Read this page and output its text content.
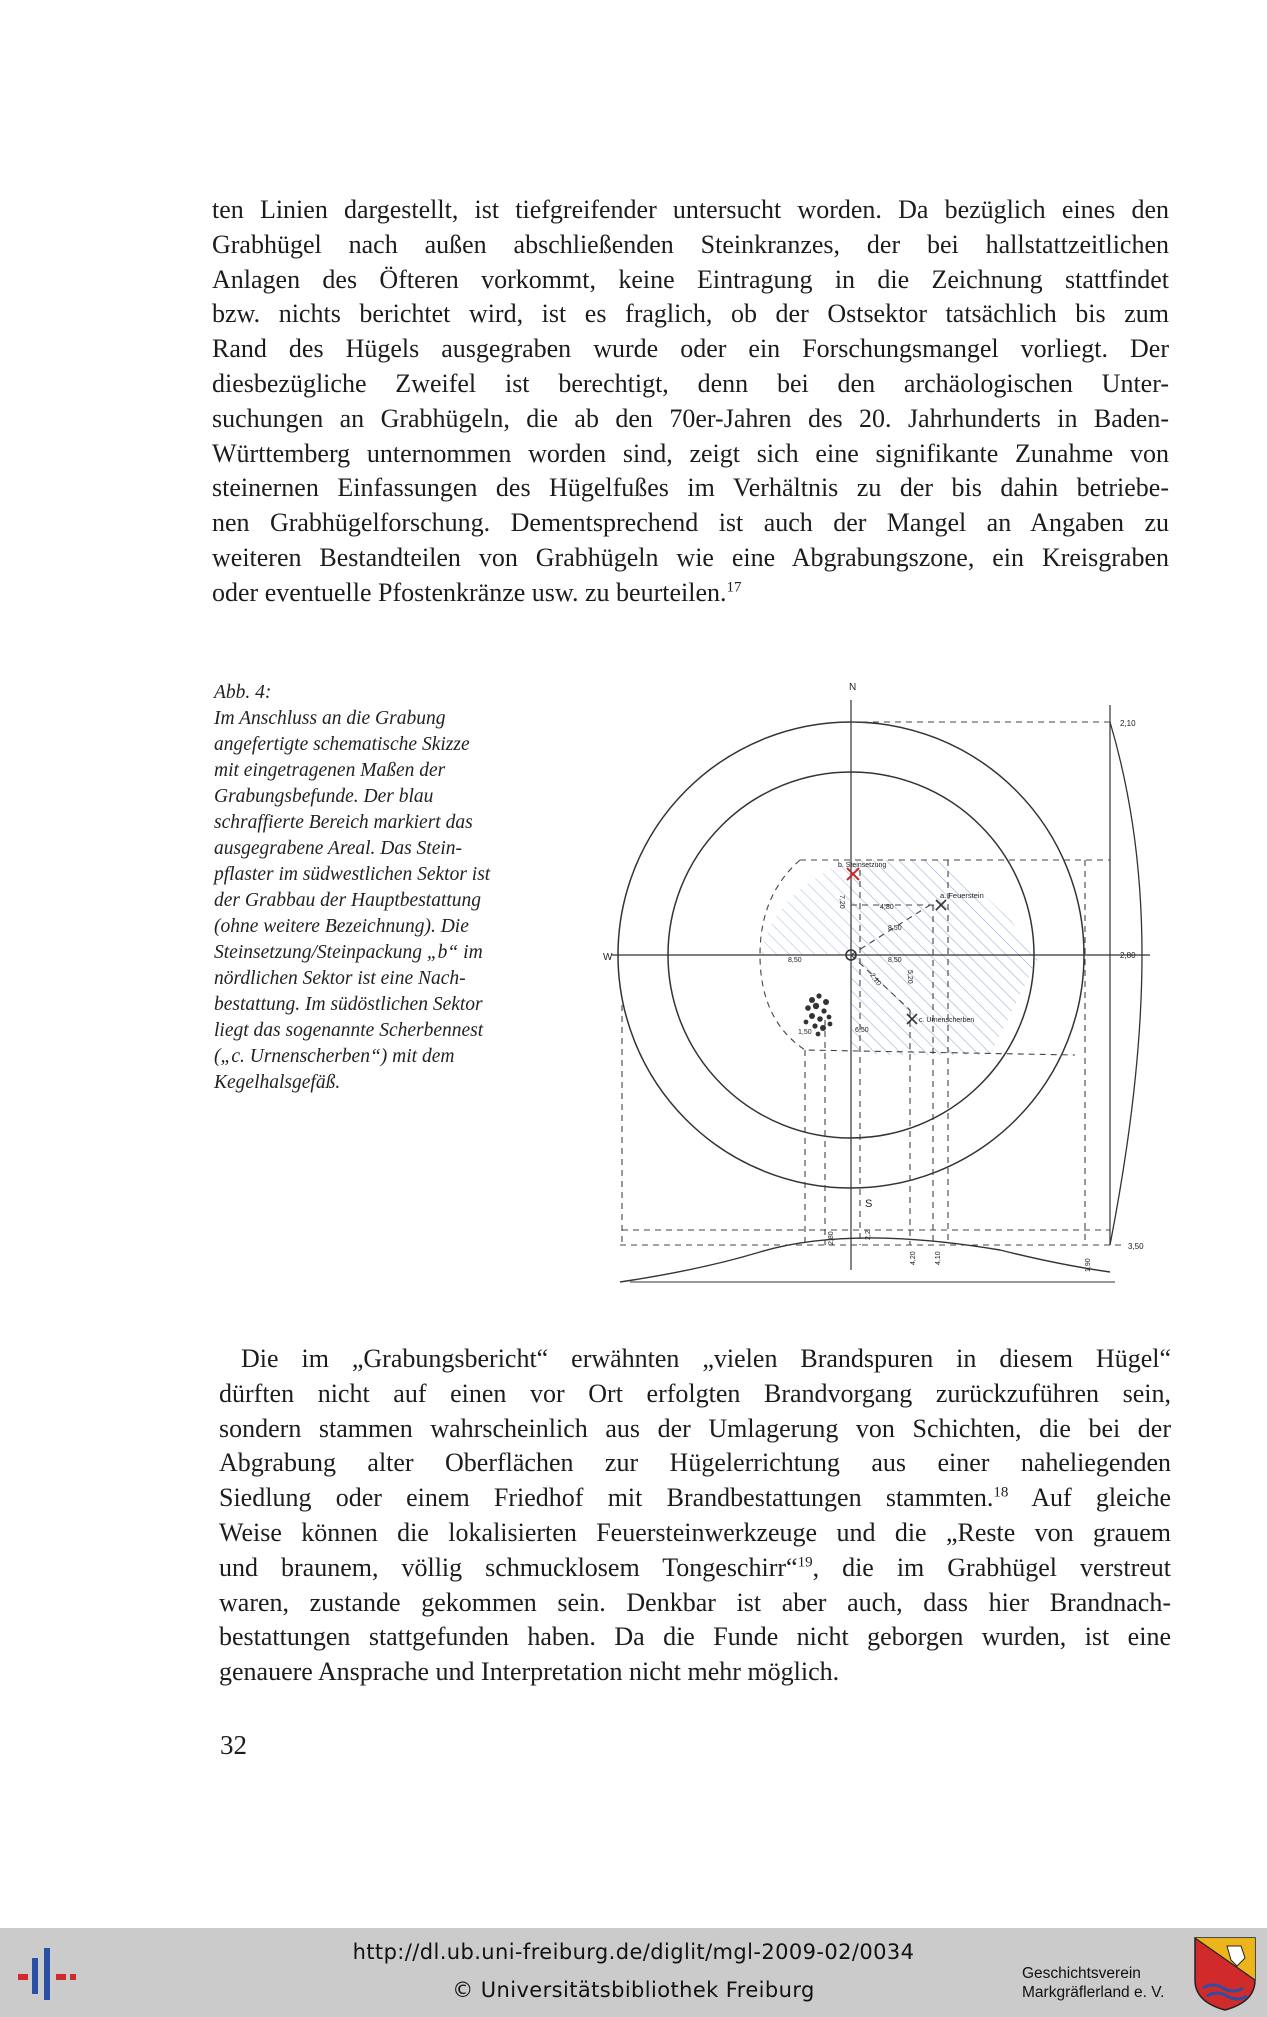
ten Linien dargestellt, ist tiefgreifender untersucht worden. Da bezüglich eines den
Grabhügel nach außen abschließenden Steinkranzes, der bei hallstattzeitlichen
Anlagen des Öfteren vorkommt, keine Eintragung in die Zeichnung stattfindet
bzw. nichts berichtet wird, ist es fraglich, ob der Ostsektor tatsächlich bis zum
Rand des Hügels ausgegraben wurde oder ein Forschungsmangel vorliegt. Der
diesbezügliche Zweifel ist berechtigt, denn bei den archäologischen Unter-
suchungen an Grabhügeln, die ab den 70er-Jahren des 20. Jahrhunderts in Baden-
Württemberg unternommen worden sind, zeigt sich eine signifikante Zunahme von
steinernen Einfassungen des Hügelfußes im Verhältnis zu der bis dahin betriebe-
nen Grabhügelforschung. Dementsprechend ist auch der Mangel an Angaben zu
weiteren Bestandteilen von Grabhügeln wie eine Abgrabungszone, ein Kreisgraben
oder eventuelle Pfostenkränze usw. zu beurteilen.$^{17}$
Abb. 4:
Im Anschluss an die Grabung
angefertigte schematische Skizze
mit eingetragenen Maßen der
Grabungsbefunde. Der blau
schraffierte Bereich markiert das
ausgegrabene Areal. Das Stein-
pflaster im südwestlichen Sektor ist
der Grabbau der Hauptbestattung
(ohne weitere Bezeichnung). Die
Steinsetzung/Steinpackung „b“ im
nördlichen Sektor ist eine Nach-
bestattung. Im südöstlichen Sektor
liegt das sogenannte Scherbennest
(„c. Urnenscherben“) mit dem
Kegelhalsgefäß.
N
S
W
b. Steinsetzung
a. Feuerstein
c. Urnenscherben
2,10
2,80
3,50
4,80
8,50
8,50	8,50
7,20
5,20
2,10
6,50
1,50
2,80	2,2
4,20	4,10
1,90
Die im „Grabungsbericht“ erwähnten „vielen Brandspuren in diesem Hügel“
dürften nicht auf einen vor Ort erfolgten Brandvorgang zurückzuführen sein,
sondern stammen wahrscheinlich aus der Umlagerung von Schichten, die bei der
Abgrabung alter Oberflächen zur Hügelerrichtung aus einer naheliegenden
Siedlung oder einem Friedhof mit Brandbestattungen stammten.$^{18}$ Auf gleiche
Weise können die lokalisierten Feuersteinwerkzeuge und die „Reste von grauem
und braunem, völlig schmucklosem Tongeschirr“$^{19}$, die im Grabhügel verstreut
waren, zustande gekommen sein. Denkbar ist aber auch, dass hier Brandnach-
bestattungen stattgefunden haben. Da die Funde nicht geborgen wurden, ist eine
genauere Ansprache und Interpretation nicht mehr möglich.
32
http://dl.ub.uni-freiburg.de/diglit/mgl-2009-02/0034
© Universitätsbibliothek Freiburg
Geschichtsverein
Markgräflerland e. V.
